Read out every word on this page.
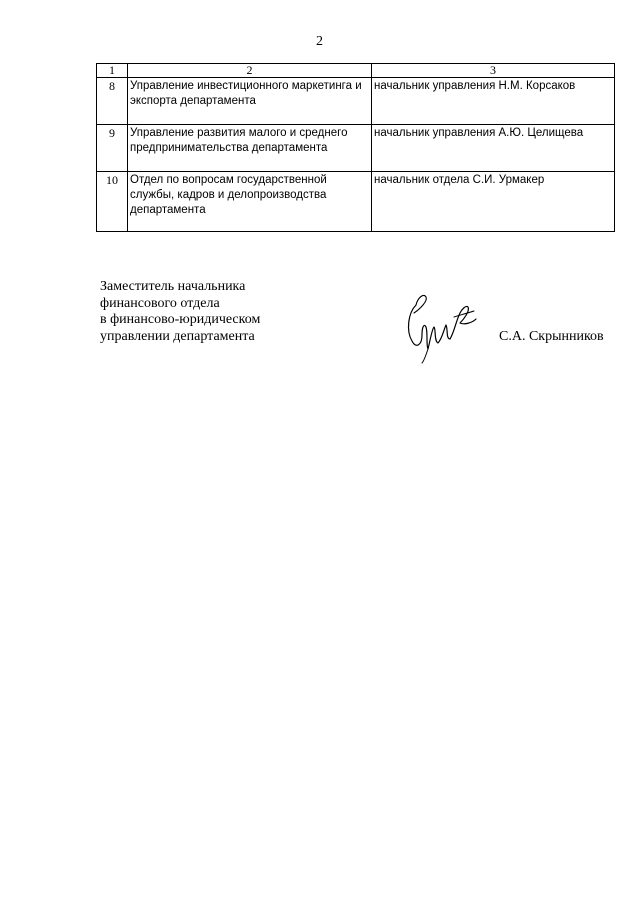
2
1	2	3
8	Управление инвестиционного маркетинга и экспорта департамента	начальник управления Н.М. Корсаков
9	Управление развития малого и среднего предпринимательства департамента	начальник управления А.Ю. Целищева
10	Отдел по вопросам государственной службы, кадров и делопроизводства департамента	начальник отдела С.И. Урмакер
Заместитель начальника
финансового отдела
в финансово-юридическом
управлении департамента	С.А. Скрынников
